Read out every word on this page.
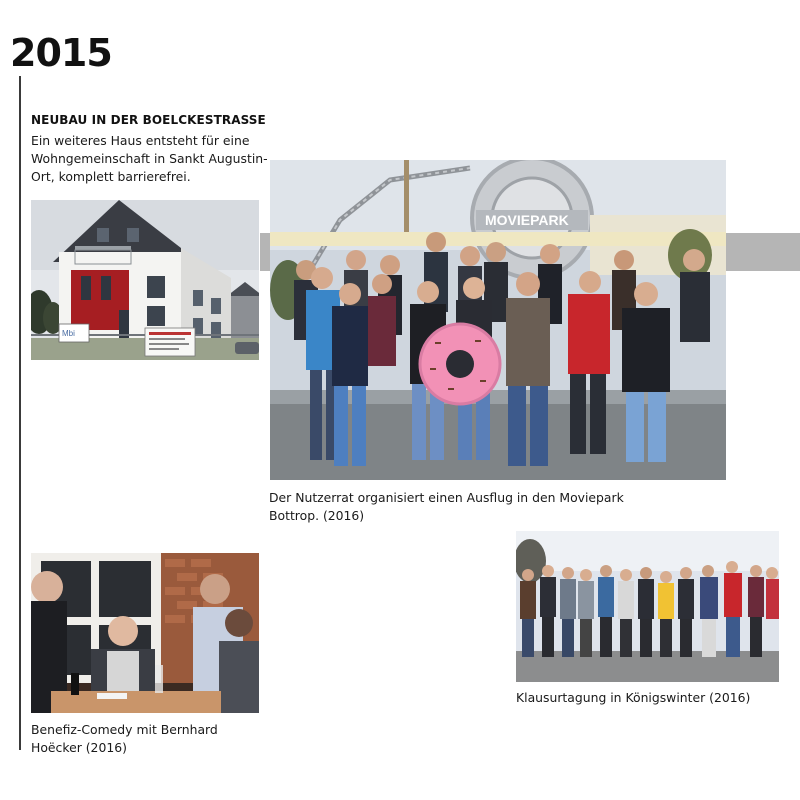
2015
NEUBAU IN DER BOELCKESTRASSE
Ein weiteres Haus entsteht für eine Wohngemeinschaft in Sankt Augustin-Ort, komplett barrierefrei.
Mbi
MOVIEPARK
Der Nutzerrat organisiert einen Ausflug in den Moviepark Bottrop. (2016)
Benefiz-Comedy mit Bernhard Hoëcker (2016)
Klausurtagung in Königswinter (2016)
